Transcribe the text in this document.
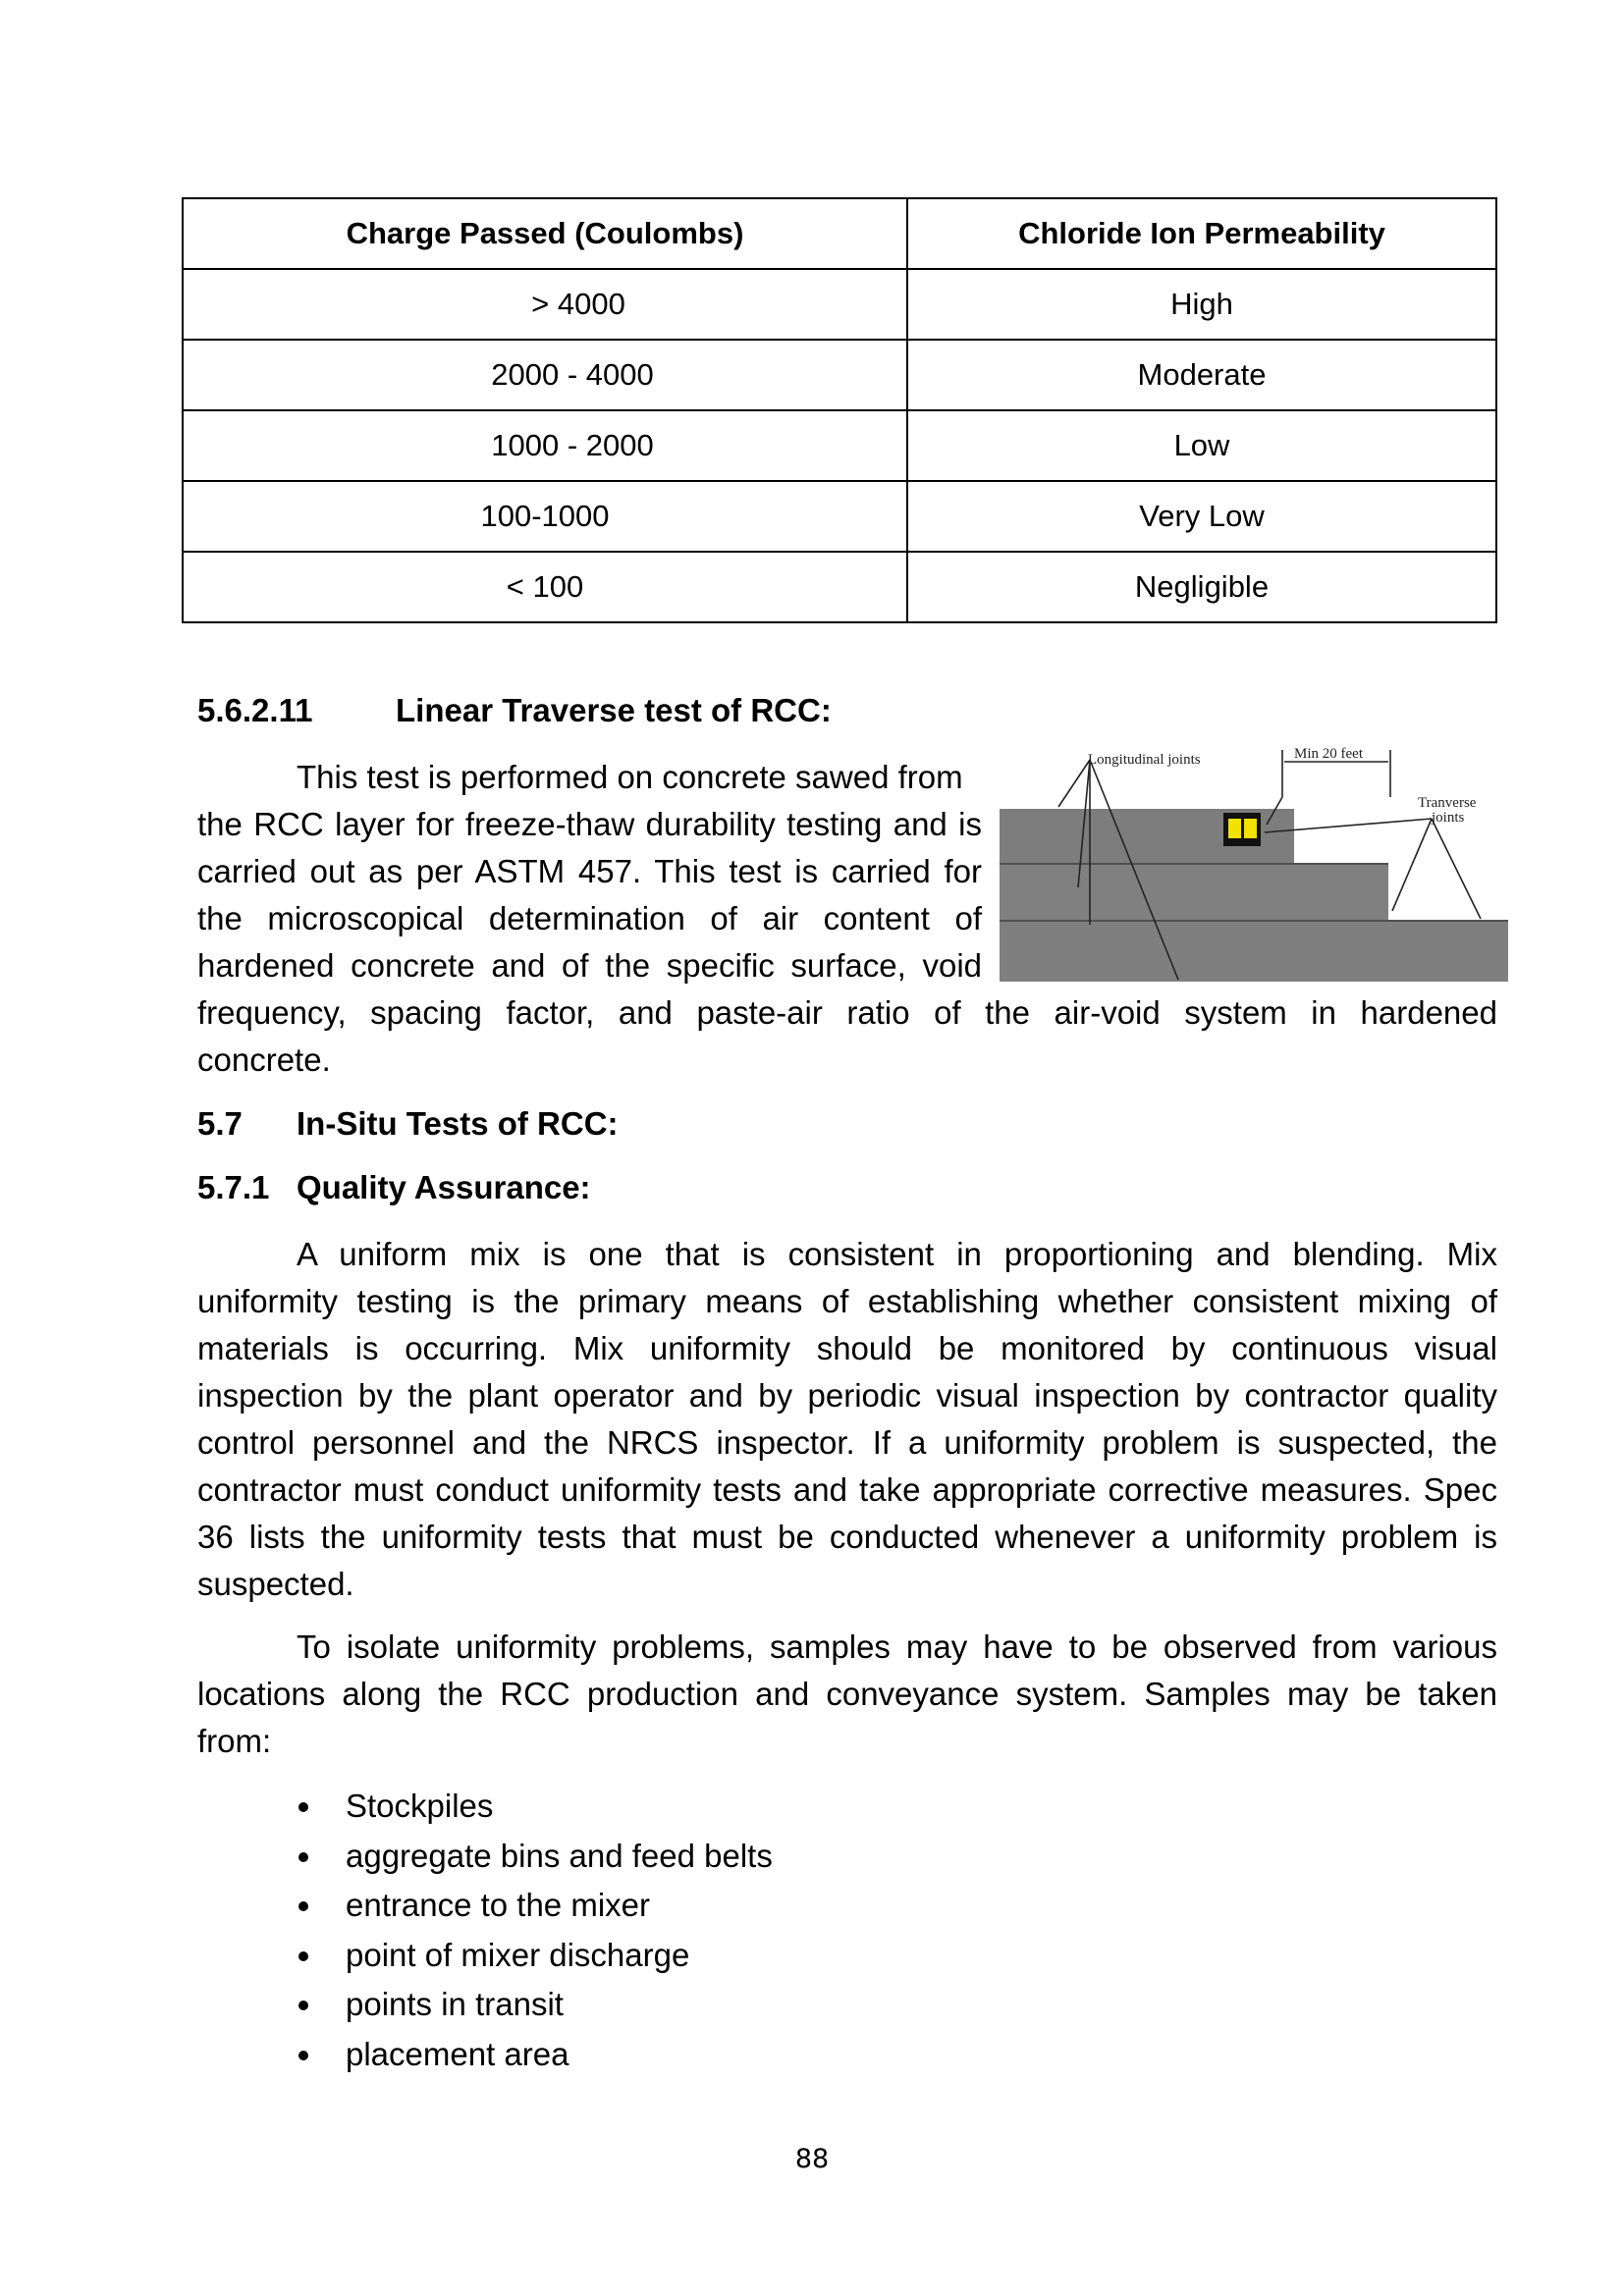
Charge Passed (Coulombs)	Chloride Ion Permeability
> 4000	High
2000 - 4000	Moderate
1000 - 2000	Low
100-1000	Very Low
< 100	Negligible
5.6.2.11	Linear Traverse test of RCC:
This test is performed on concrete sawed from
the RCC layer for freeze-thaw durability testing and is
carried out as per ASTM 457. This test is carried for
the microscopical determination of air content of
hardened concrete and of the specific surface, void
frequency, spacing factor, and paste-air ratio of the air-void system in hardened
concrete.
Longitudinal joints	Min 20 feet
Tranverse
joints
5.7 In-Situ Tests of RCC:
5.7.1 Quality Assurance:
A uniform mix is one that is consistent in proportioning and blending. Mix
uniformity testing is the primary means of establishing whether consistent mixing of
materials is occurring. Mix uniformity should be monitored by continuous visual
inspection by the plant operator and by periodic visual inspection by contractor quality
control personnel and the NRCS inspector. If a uniformity problem is suspected, the
contractor must conduct uniformity tests and take appropriate corrective measures. Spec
36 lists the uniformity tests that must be conducted whenever a uniformity problem is
suspected.
To isolate uniformity problems, samples may have to be observed from various
locations along the RCC production and conveyance system. Samples may be taken
from:
Stockpiles
aggregate bins and feed belts
entrance to the mixer
point of mixer discharge
points in transit
placement area
88
